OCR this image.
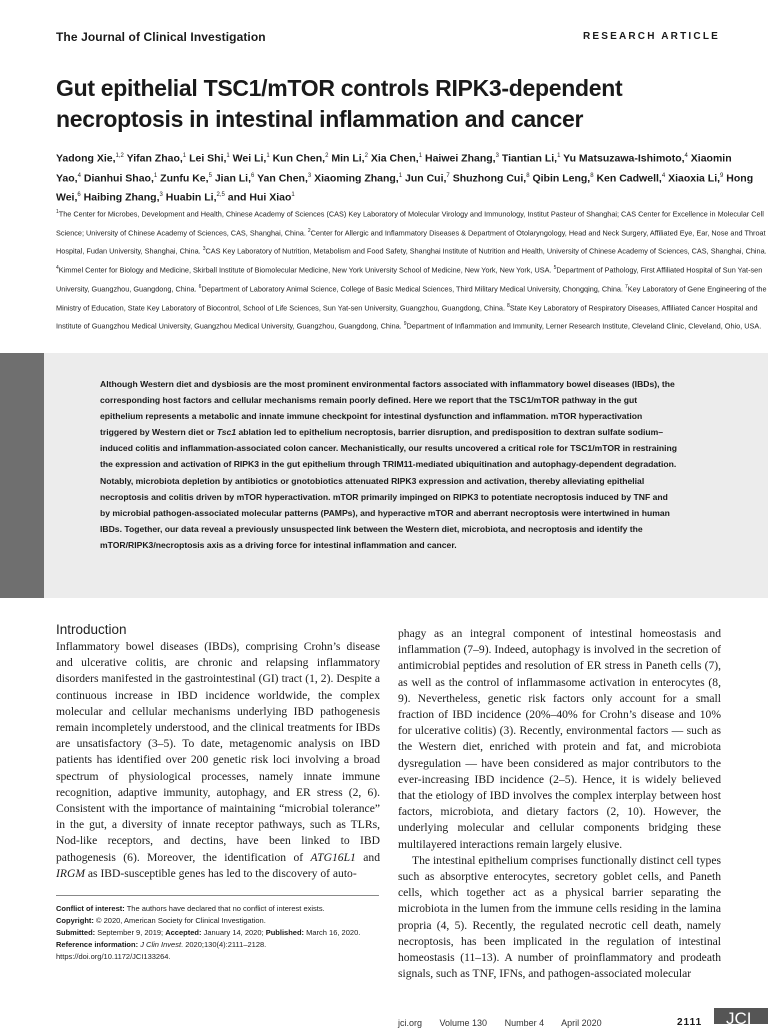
The Journal of Clinical Investigation	RESEARCH ARTICLE
Gut epithelial TSC1/mTOR controls RIPK3-dependent
necroptosis in intestinal inflammation and cancer

Yadong Xie,$^{1,2}$ Yifan Zhao,$^1$ Lei Shi,$^1$ Wei Li,$^1$ Kun Chen,$^2$ Min Li,$^2$ Xia Chen,$^1$ Haiwei Zhang,$^3$ Tiantian Li,$^1$ Yu Matsuzawa-Ishimoto,$^4$ Xiaomin Yao,$^4$ Dianhui Shao,$^1$ Zunfu Ke,$^5$ Jian Li,$^6$ Yan Chen,$^3$ Xiaoming Zhang,$^1$ Jun Cui,$^7$ Shuzhong Cui,$^8$ Qibin Leng,$^8$ Ken Cadwell,$^4$ Xiaoxia Li,$^9$ Hong Wei,$^6$ Haibing Zhang,$^3$ Huabin Li,$^{2,5}$ and Hui Xiao$^1$

$^1$The Center for Microbes, Development and Health, Chinese Academy of Sciences (CAS) Key Laboratory of Molecular Virology and Immunology, Institut Pasteur of Shanghai; CAS Center for Excellence in Molecular Cell Science; University of Chinese Academy of Sciences, CAS, Shanghai, China. $^2$Center for Allergic and Inflammatory Diseases & Department of Otolaryngology, Head and Neck Surgery, Affiliated Eye, Ear, Nose and Throat Hospital, Fudan University, Shanghai, China. $^3$CAS Key Laboratory of Nutrition, Metabolism and Food Safety, Shanghai Institute of Nutrition and Health, University of Chinese Academy of Sciences, CAS, Shanghai, China. $^4$Kimmel Center for Biology and Medicine, Skirball Institute of Biomolecular Medicine, New York University School of Medicine, New York, New York, USA. $^5$Department of Pathology, First Affiliated Hospital of Sun Yat-sen University, Guangzhou, Guangdong, China. $^6$Department of Laboratory Animal Science, College of Basic Medical Sciences, Third Military Medical University, Chongqing, China. $^7$Key Laboratory of Gene Engineering of the Ministry of Education, State Key Laboratory of Biocontrol, School of Life Sciences, Sun Yat-sen University, Guangzhou, Guangdong, China. $^8$State Key Laboratory of Respiratory Diseases, Affiliated Cancer Hospital and Institute of Guangzhou Medical University, Guangzhou Medical University, Guangzhou, Guangdong, China. $^9$Department of Inflammation and Immunity, Lerner Research Institute, Cleveland Clinic, Cleveland, Ohio, USA.

Although Western diet and dysbiosis are the most prominent environmental factors associated with inflammatory bowel diseases (IBDs), the corresponding host factors and cellular mechanisms remain poorly defined. Here we report that the TSC1/mTOR pathway in the gut epithelium represents a metabolic and innate immune checkpoint for intestinal dysfunction and inflammation. mTOR hyperactivation triggered by Western diet or Tsc1 ablation led to epithelium necroptosis, barrier disruption, and predisposition to dextran sulfate sodium–induced colitis and inflammation-associated colon cancer. Mechanistically, our results uncovered a critical role for TSC1/mTOR in restraining the expression and activation of RIPK3 in the gut epithelium through TRIM11-mediated ubiquitination and autophagy-dependent degradation. Notably, microbiota depletion by antibiotics or gnotobiotics attenuated RIPK3 expression and activation, thereby alleviating epithelial necroptosis and colitis driven by mTOR hyperactivation. mTOR primarily impinged on RIPK3 to potentiate necroptosis induced by TNF and by microbial pathogen-associated molecular patterns (PAMPs), and hyperactive mTOR and aberrant necroptosis were intertwined in human IBDs. Together, our data reveal a previously unsuspected link between the Western diet, microbiota, and necroptosis and identify the mTOR/RIPK3/necroptosis axis as a driving force for intestinal inflammation and cancer.

Introduction

Inflammatory bowel diseases (IBDs), comprising Crohn’s disease and ulcerative colitis, are chronic and relapsing inflammatory disorders manifested in the gastrointestinal (GI) tract (1, 2). Despite a continuous increase in IBD incidence worldwide, the complex molecular and cellular mechanisms underlying IBD pathogenesis remain incompletely understood, and the clinical treatments for IBDs are unsatisfactory (3–5). To date, metagenomic analysis on IBD patients has identified over 200 genetic risk loci involving a broad spectrum of physiological processes, namely innate immune recognition, adaptive immunity, autophagy, and ER stress (2, 6). Consistent with the importance of maintaining “microbial tolerance” in the gut, a diversity of innate receptor pathways, such as TLRs, Nod-like receptors, and dectins, have been linked to IBD pathogenesis (6). Moreover, the identification of ATG16L1 and IRGM as IBD-susceptible genes has led to the discovery of auto-

phagy as an integral component of intestinal homeostasis and inflammation (7–9). Indeed, autophagy is involved in the secretion of antimicrobial peptides and resolution of ER stress in Paneth cells (7), as well as the control of inflammasome activation in enterocytes (8, 9). Nevertheless, genetic risk factors only account for a small fraction of IBD incidence (20%–40% for Crohn’s disease and 10% for ulcerative colitis) (3). Recently, environmental factors — such as the Western diet, enriched with protein and fat, and microbiota dysregulation — have been considered as major contributors to the ever-increasing IBD incidence (2–5). Hence, it is widely believed that the etiology of IBD involves the complex interplay between host factors, microbiota, and dietary factors (2, 10). However, the underlying molecular and cellular components bridging these multilayered interactions remain largely elusive.

The intestinal epithelium comprises functionally distinct cell types such as absorptive enterocytes, secretory goblet cells, and Paneth cells, which together act as a physical barrier separating the microbiota in the lumen from the immune cells residing in the lamina propria (4, 5). Recently, the regulated necrotic cell death, namely necroptosis, has been implicated in the regulation of intestinal homeostasis (11–13). A number of proinflammatory and prodeath signals, such as TNF, IFNs, and pathogen-associated molecular

Conflict of interest: The authors have declared that no conflict of interest exists.
Copyright: © 2020, American Society for Clinical Investigation.
Submitted: September 9, 2019; Accepted: January 14, 2020; Published: March 16, 2020.
Reference information: J Clin Invest. 2020;130(4):2111–2128.
https://doi.org/10.1172/JCI133264.
jci.org Volume 130 Number 4 April 2020	2111	JCI
